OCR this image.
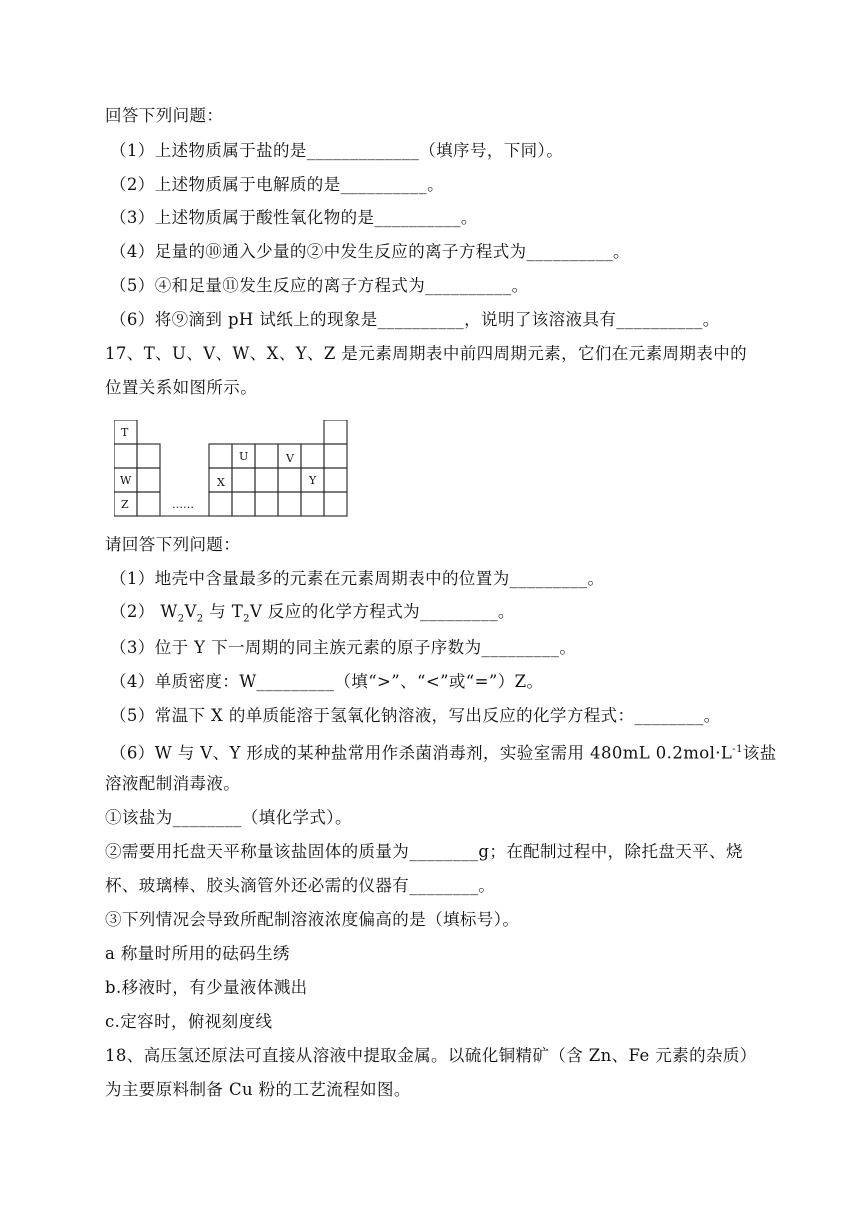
回答下列问题：
（1）上述物质属于盐的是_____________（填序号，下同）。
（2）上述物质属于电解质的是__________。
（3）上述物质属于酸性氧化物的是__________。
（4）足量的⑩通入少量的②中发生反应的离子方程式为__________。
（5）④和足量⑪发生反应的离子方程式为__________。
（6）将⑨滴到 pH 试纸上的现象是__________，说明了该溶液具有__________。
17、T、U、V、W、X、Y、Z 是元素周期表中前四周期元素，它们在元素周期表中的
位置关系如图所示。
T
W
Z	……
X
U	V
Y
请回答下列问题：
（1）地壳中含量最多的元素在元素周期表中的位置为_________。
（2） $W_2V_2$ 与 $T_2V$ 反应的化学方程式为_________。
（3）位于 Y 下一周期的同主族元素的原子序数为_________。
（4）单质密度：W_________（填“>”、“<”或“=”）Z。
（5）常温下 X 的单质能溶于氢氧化钠溶液，写出反应的化学方程式：________。
（6）W 与 V、Y 形成的某种盐常用作杀菌消毒剂，实验室需用 480mL $0.2mol\cdot L^{-1}$该盐
溶液配制消毒液。
①该盐为________（填化学式）。
②需要用托盘天平称量该盐固体的质量为________g；在配制过程中，除托盘天平、烧
杯、玻璃棒、胶头滴管外还必需的仪器有________。
③下列情况会导致所配制溶液浓度偏高的是（填标号）。
a 称量时所用的砝码生绣
b.移液时，有少量液体溅出
c.定容时，俯视刻度线
18、高压氢还原法可直接从溶液中提取金属。以硫化铜精矿（含 Zn、Fe 元素的杂质）
为主要原料制备 Cu 粉的工艺流程如图。
